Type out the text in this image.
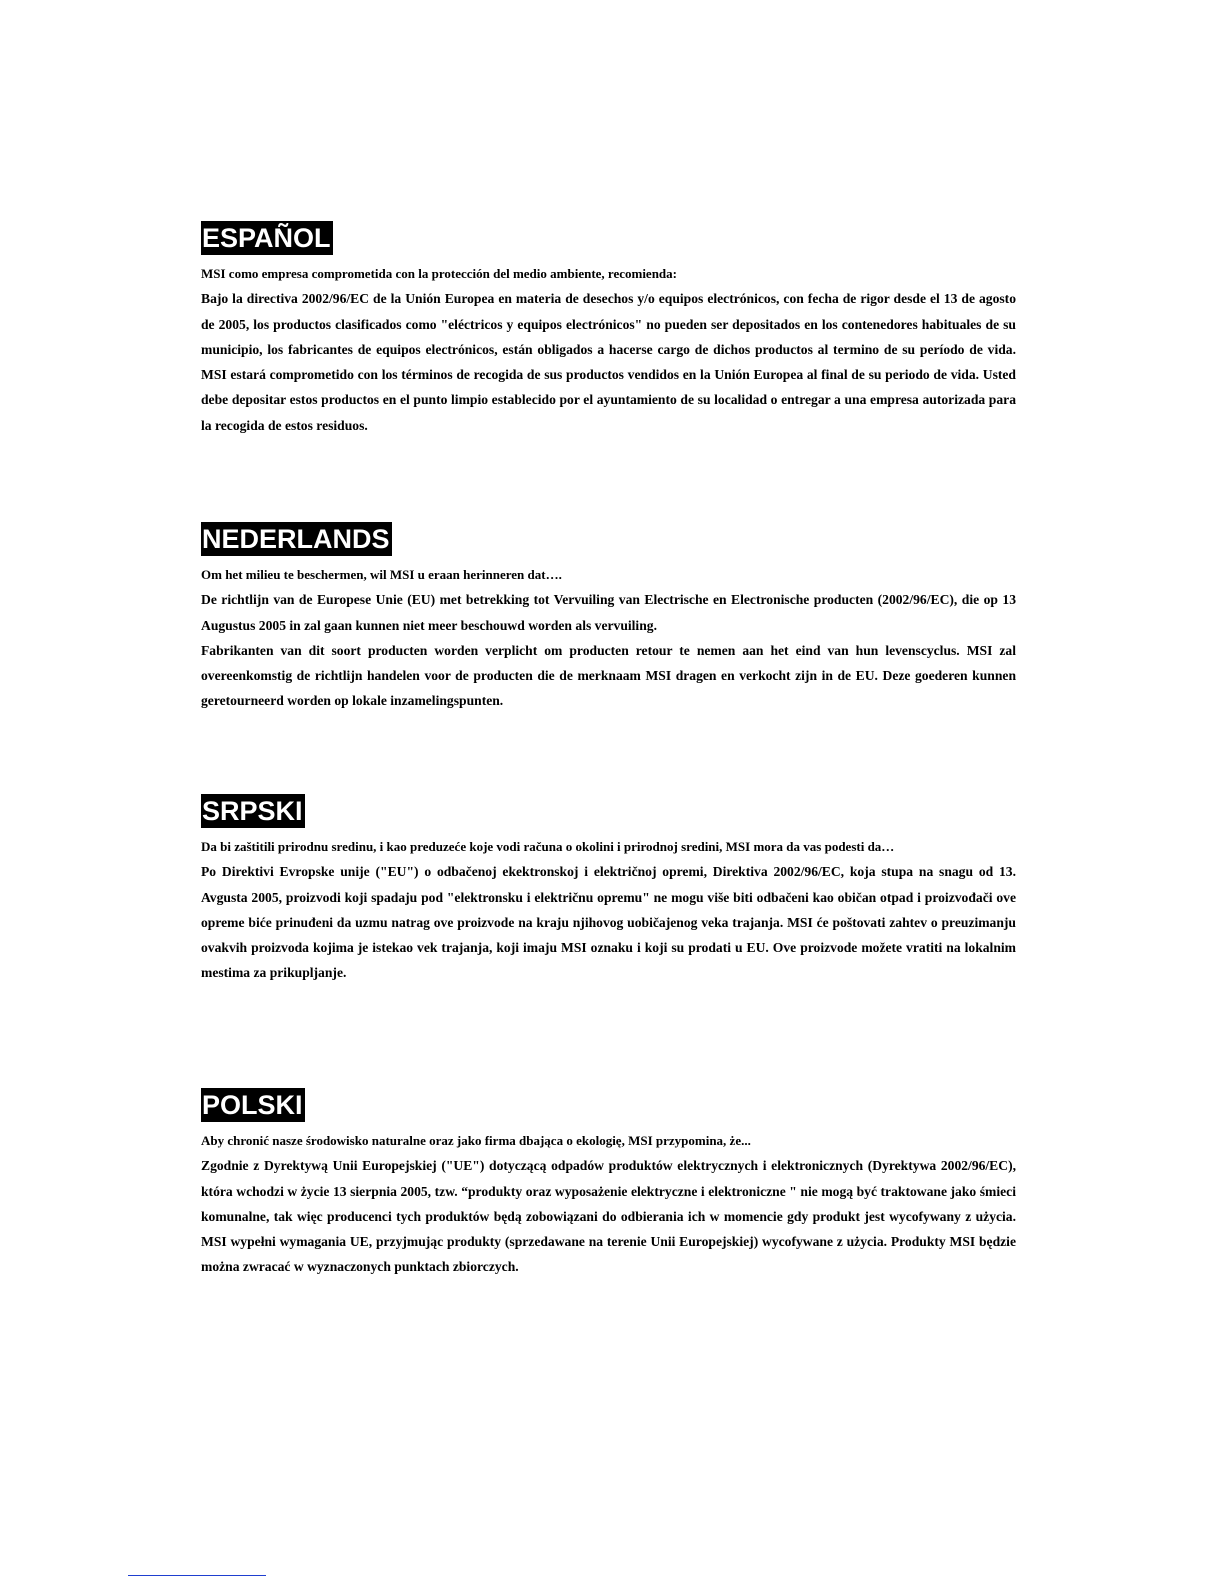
ESPAÑOL

MSI como empresa comprometida con la protección del medio ambiente, recomienda:

Bajo la directiva 2002/96/EC de la Unión Europea en materia de desechos y/o equipos electrónicos, con fecha de rigor desde el 13 de agosto de 2005, los productos clasificados como "eléctricos y equipos electrónicos" no pueden ser depositados en los contenedores habituales de su municipio, los fabricantes de equipos electrónicos, están obligados a hacerse cargo de dichos productos al termino de su período de vida. MSI estará comprometido con los términos de recogida de sus productos vendidos en la Unión Europea al final de su periodo de vida. Usted debe depositar estos productos en el punto limpio establecido por el ayuntamiento de su localidad o entregar a una empresa autorizada para la recogida de estos residuos.

NEDERLANDS

Om het milieu te beschermen, wil MSI u eraan herinneren dat….

De richtlijn van de Europese Unie (EU) met betrekking tot Vervuiling van Electrische en Electronische producten (2002/96/EC), die op 13 Augustus 2005 in zal gaan kunnen niet meer beschouwd worden als vervuiling.

Fabrikanten van dit soort producten worden verplicht om producten retour te nemen aan het eind van hun levenscyclus. MSI zal overeenkomstig de richtlijn handelen voor de producten die de merknaam MSI dragen en verkocht zijn in de EU. Deze goederen kunnen geretourneerd worden op lokale inzamelingspunten.

SRPSKI

Da bi zaštitili prirodnu sredinu, i kao preduzeće koje vodi računa o okolini i prirodnoj sredini, MSI mora da vas podesti da…

Po Direktivi Evropske unije ("EU") o odbačenoj ekektronskoj i električnoj opremi, Direktiva 2002/96/EC, koja stupa na snagu od 13. Avgusta 2005, proizvodi koji spadaju pod "elektronsku i električnu opremu" ne mogu više biti odbačeni kao običan otpad i proizvođači ove opreme biće prinuđeni da uzmu natrag ove proizvode na kraju njihovog uobičajenog veka trajanja. MSI će poštovati zahtev o preuzimanju ovakvih proizvoda kojima je istekao vek trajanja, koji imaju MSI oznaku i koji su prodati u EU. Ove proizvode možete vratiti na lokalnim mestima za prikupljanje.

POLSKI

Aby chronić nasze środowisko naturalne oraz jako firma dbająca o ekologię, MSI przypomina, że...

Zgodnie z Dyrektywą Unii Europejskiej ("UE") dotyczącą odpadów produktów elektrycznych i elektronicznych (Dyrektywa 2002/96/EC), która wchodzi w życie 13 sierpnia 2005, tzw. “produkty oraz wyposażenie elektryczne i elektroniczne " nie mogą być traktowane jako śmieci komunalne, tak więc producenci tych produktów będą zobowiązani do odbierania ich w momencie gdy produkt jest wycofywany z użycia. MSI wypełni wymagania UE, przyjmując produkty (sprzedawane na terenie Unii Europejskiej) wycofywane z użycia. Produkty MSI będzie można zwracać w wyznaczonych punktach zbiorczych.
